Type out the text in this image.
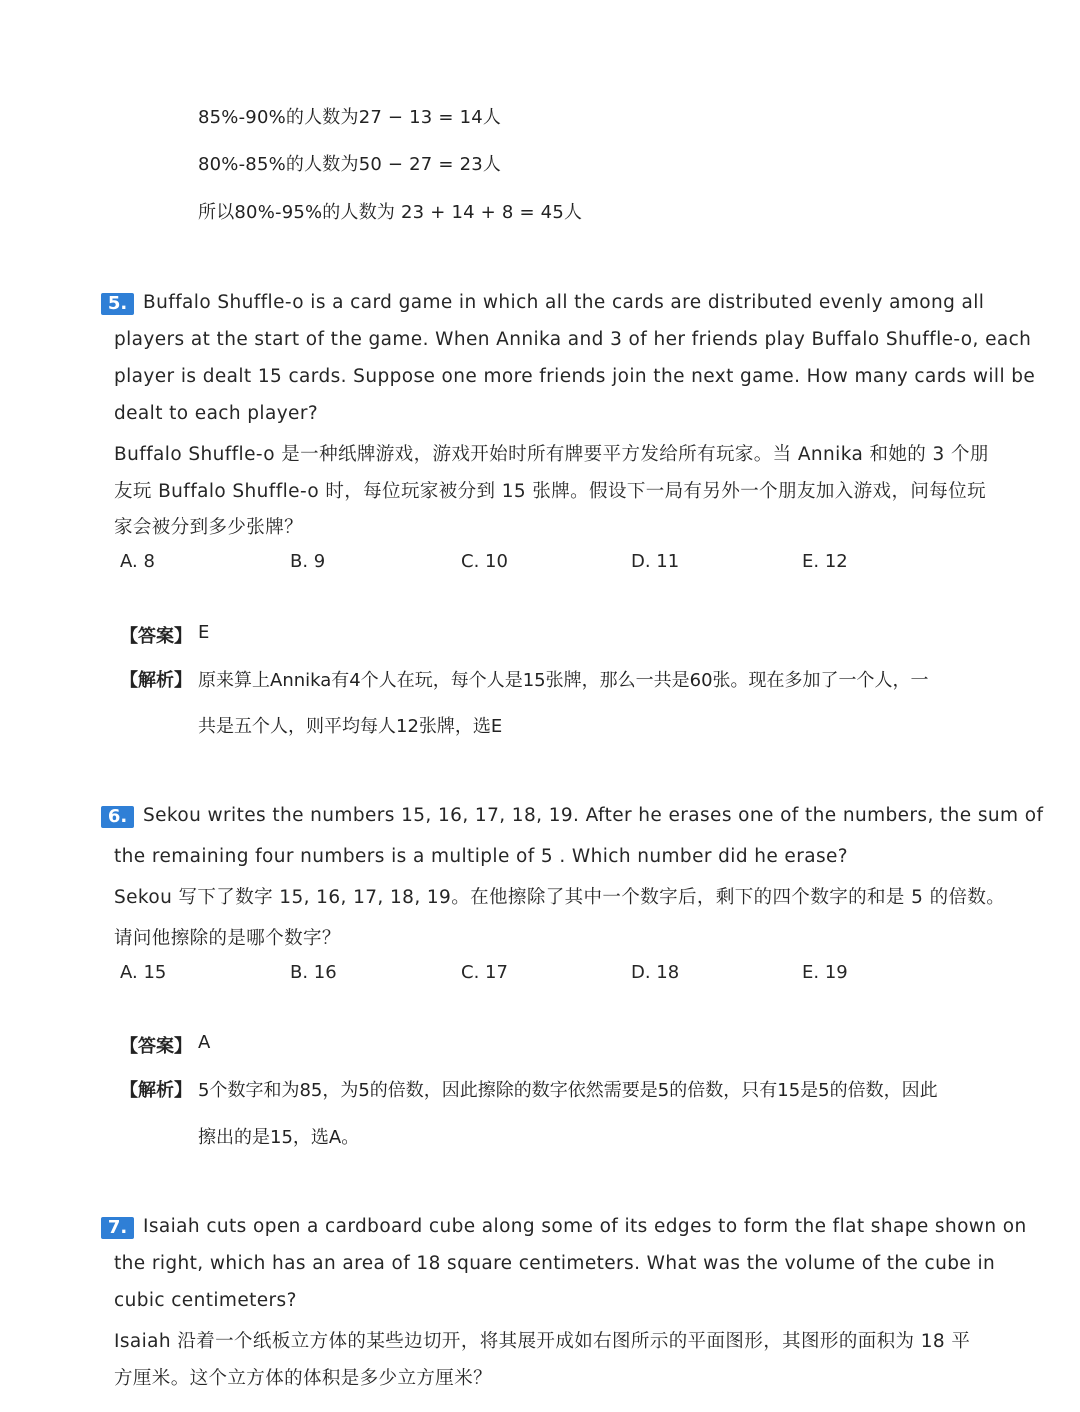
85%-90%的人数为27 − 13 = 14人
80%-85%的人数为50 − 27 = 23人
所以80%-95%的人数为 23 + 14 + 8 = 45人
5. Buffalo Shuffle-o is a card game in which all the cards are distributed evenly among all
players at the start of the game. When Annika and 3 of her friends play Buffalo Shuffle-o, each
player is dealt 15 cards. Suppose one more friends join the next game. How many cards will be
dealt to each player?
Buffalo Shuffle-o 是一种纸牌游戏，游戏开始时所有牌要平方发给所有玩家。当 Annika 和她的 3 个朋
友玩 Buffalo Shuffle-o 时，每位玩家被分到 15 张牌。假设下一局有另外一个朋友加入游戏，问每位玩
家会被分到多少张牌？
A. 8	B. 9	C. 10	D. 11	E. 12
【答案】 E
【解析】 原来算上Annika有4个人在玩，每个人是15张牌，那么一共是60张。现在多加了一个人，一
共是五个人，则平均每人12张牌，选E
6. Sekou writes the numbers 15, 16, 17, 18, 19. After he erases one of the numbers, the sum of
the remaining four numbers is a multiple of 5 . Which number did he erase?
Sekou 写下了数字 15, 16, 17, 18, 19。在他擦除了其中一个数字后，剩下的四个数字的和是 5 的倍数。
请问他擦除的是哪个数字？
A. 15	B. 16	C. 17	D. 18	E. 19
【答案】 A
【解析】 5个数字和为85，为5的倍数，因此擦除的数字依然需要是5的倍数，只有15是5的倍数，因此
擦出的是15，选A。
7. Isaiah cuts open a cardboard cube along some of its edges to form the flat shape shown on
the right, which has an area of 18 square centimeters. What was the volume of the cube in
cubic centimeters?
Isaiah 沿着一个纸板立方体的某些边切开，将其展开成如右图所示的平面图形，其图形的面积为 18 平
方厘米。这个立方体的体积是多少立方厘米？
